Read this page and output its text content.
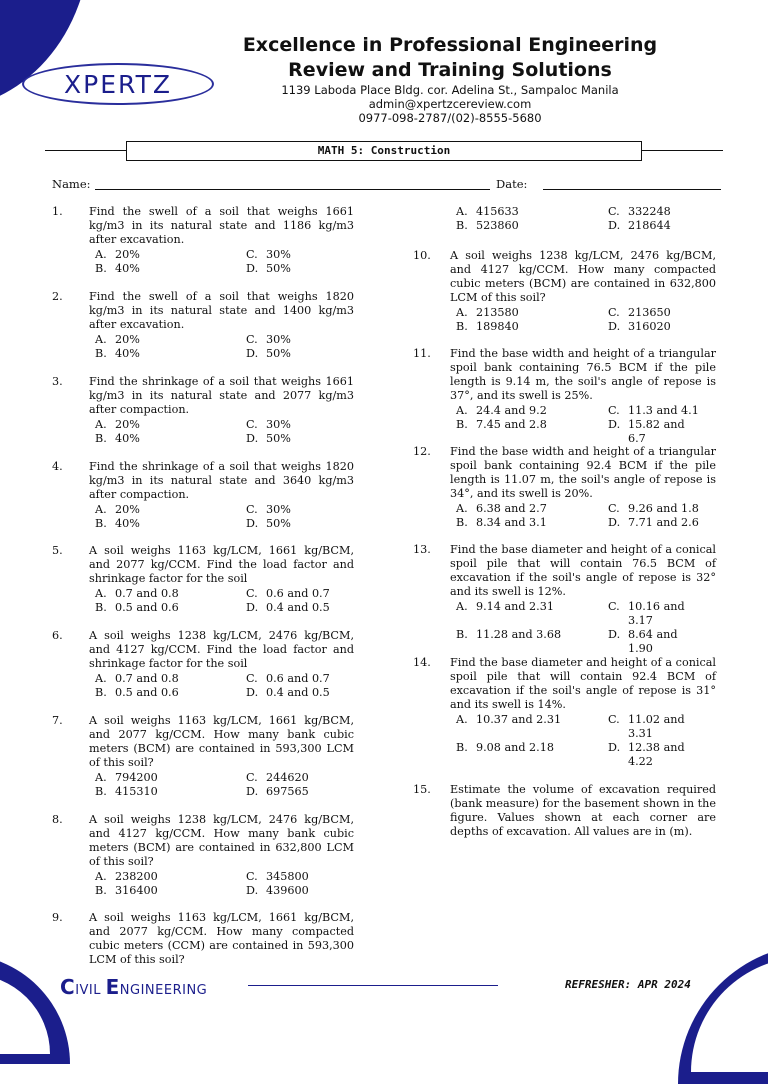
XPERTZ
Excellence in Professional Engineering
Review and Training Solutions
1139 Laboda Place Bldg. cor. Adelina St., Sampaloc Manila
admin@xpertzcereview.com
0977-098-2787/(02)-8555-5680
MATH 5: Construction
Name:	Date:
1. Find the swell of a soil that weighs 1661 kg/m3 in its natural state and 1186 kg/m3 after excavation.
A. 20%	C. 30%
B. 40%	D. 50%
2. Find the swell of a soil that weighs 1820 kg/m3 in its natural state and 1400 kg/m3 after excavation.
A. 20%	C. 30%
B. 40%	D. 50%
3. Find the shrinkage of a soil that weighs 1661 kg/m3 in its natural state and 2077 kg/m3 after compaction.
A. 20%	C. 30%
B. 40%	D. 50%
4. Find the shrinkage of a soil that weighs 1820 kg/m3 in its natural state and 3640 kg/m3 after compaction.
A. 20%	C. 30%
B. 40%	D. 50%
5. A soil weighs 1163 kg/LCM, 1661 kg/BCM, and 2077 kg/CCM. Find the load factor and shrinkage factor for the soil
A. 0.7 and 0.8	C. 0.6 and 0.7
B. 0.5 and 0.6	D. 0.4 and 0.5
6. A soil weighs 1238 kg/LCM, 2476 kg/BCM, and 4127 kg/CCM. Find the load factor and shrinkage factor for the soil
A. 0.7 and 0.8	C. 0.6 and 0.7
B. 0.5 and 0.6	D. 0.4 and 0.5
7. A soil weighs 1163 kg/LCM, 1661 kg/BCM, and 2077 kg/CCM. How many bank cubic meters (BCM) are contained in 593,300 LCM of this soil?
A. 794200	C. 244620
B. 415310	D. 697565
8. A soil weighs 1238 kg/LCM, 2476 kg/BCM, and 4127 kg/CCM. How many bank cubic meters (BCM) are contained in 632,800 LCM of this soil?
A. 238200	C. 345800
B. 316400	D. 439600
9. A soil weighs 1163 kg/LCM, 1661 kg/BCM, and 2077 kg/CCM. How many compacted cubic meters (CCM) are contained in 593,300 LCM of this soil?
A. 415633	C. 332248
B. 523860	D. 218644
10. A soil weighs 1238 kg/LCM, 2476 kg/BCM, and 4127 kg/CCM. How many compacted cubic meters (BCM) are contained in 632,800 LCM of this soil?
A. 213580	C. 213650
B. 189840	D. 316020
11. Find the base width and height of a triangular spoil bank containing 76.5 BCM if the pile length is 9.14 m, the soil's angle of repose is 37°, and its swell is 25%.
A. 24.4 and 9.2	C. 11.3 and 4.1
B. 7.45 and 2.8	D. 15.82 and 6.7
12. Find the base width and height of a triangular spoil bank containing 92.4 BCM if the pile length is 11.07 m, the soil's angle of repose is 34°, and its swell is 20%.
A. 6.38 and 2.7	C. 9.26 and 1.8
B. 8.34 and 3.1	D. 7.71 and 2.6
13. Find the base diameter and height of a conical spoil pile that will contain 76.5 BCM of excavation if the soil's angle of repose is 32° and its swell is 12%.
A. 9.14 and 2.31	C. 10.16 and 3.17
B. 11.28 and 3.68	D. 8.64 and 1.90
14. Find the base diameter and height of a conical spoil pile that will contain 92.4 BCM of excavation if the soil's angle of repose is 31° and its swell is 14%.
A. 10.37 and 2.31	C. 11.02 and 3.31
B. 9.08 and 2.18	D. 12.38 and 4.22
15. Estimate the volume of excavation required (bank measure) for the basement shown in the figure. Values shown at each corner are depths of excavation. All values are in (m).
CIVIL ENGINEERING	REFRESHER: APR 2024
